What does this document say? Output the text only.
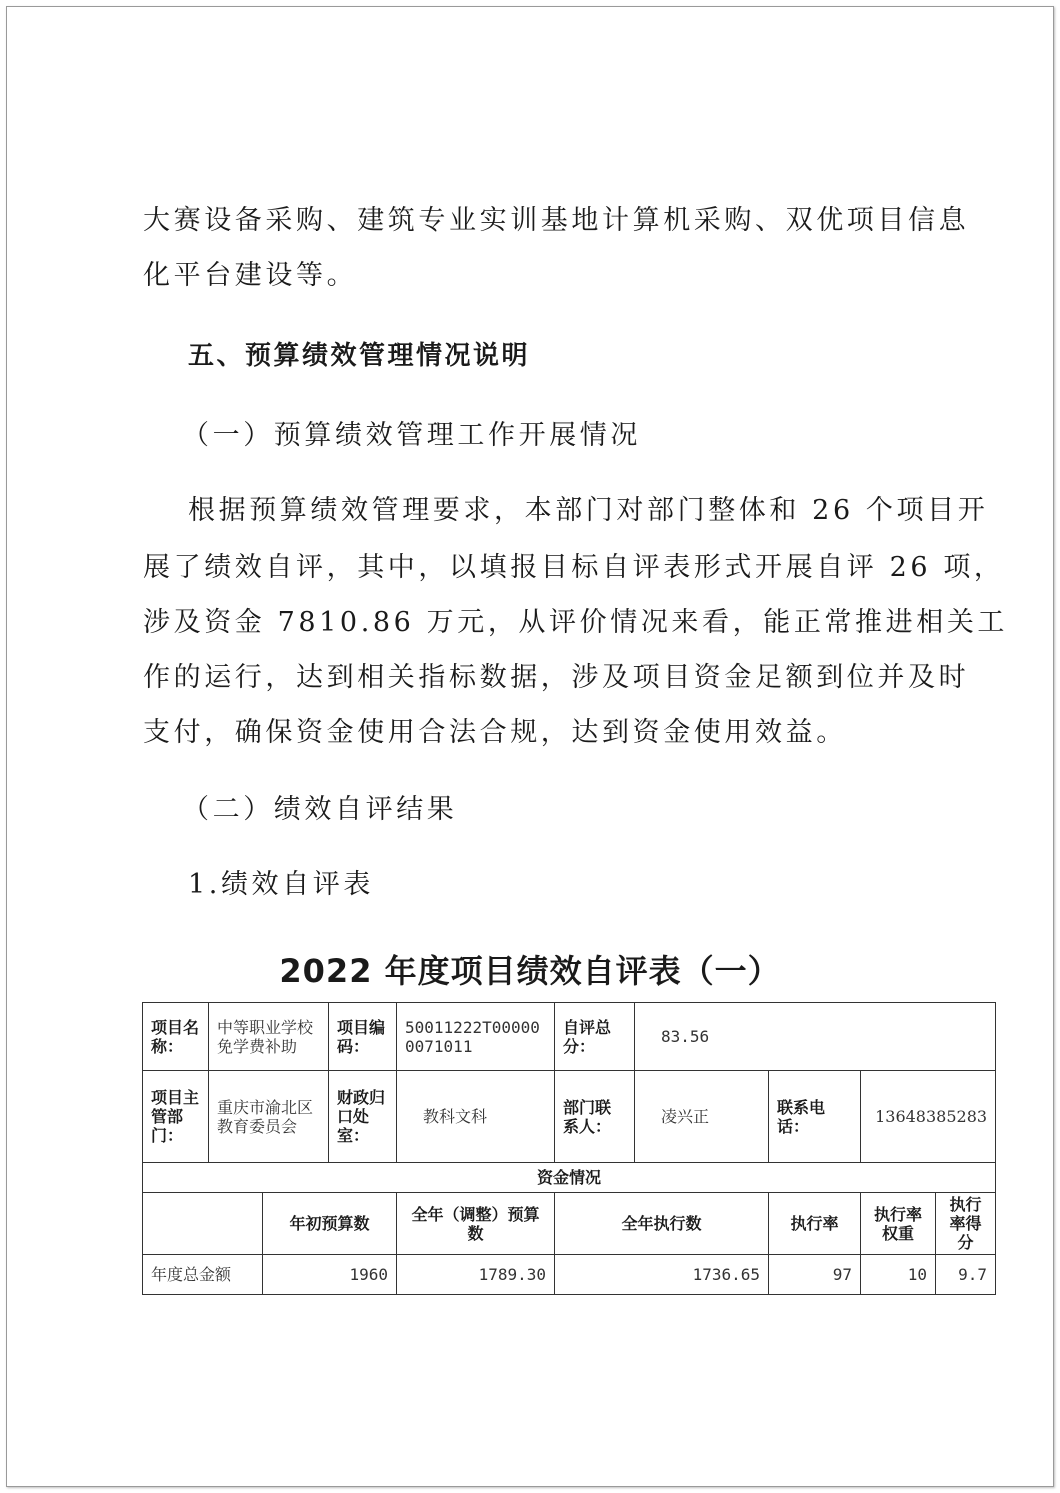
大赛设备采购、建筑专业实训基地计算机采购、双优项目信息
化平台建设等。
五、预算绩效管理情况说明
（一）预算绩效管理工作开展情况
根据预算绩效管理要求，本部门对部门整体和 26 个项目开
展了绩效自评，其中，以填报目标自评表形式开展自评 26 项，
涉及资金 7810.86 万元，从评价情况来看，能正常推进相关工
作的运行，达到相关指标数据，涉及项目资金足额到位并及时
支付，确保资金使用合法合规，达到资金使用效益。
（二）绩效自评结果
1.绩效自评表
2022 年度项目绩效自评表（一）
项目名称：	中等职业学校免学费补助		项目编码：	50011222T000000071011	自评总分：	83.56			
项目主管部门：	重庆市渝北区教育委员会		财政归口处室：	教科文科	部门联系人：	凌兴正	联系电话：	13648385283	
资金情况									
		年初预算数		全年（调整）预算数	全年执行数		执行率	执行率权重	执行率得分
年度总金额		1960		1789.30	1736.65		97	10	9.7
